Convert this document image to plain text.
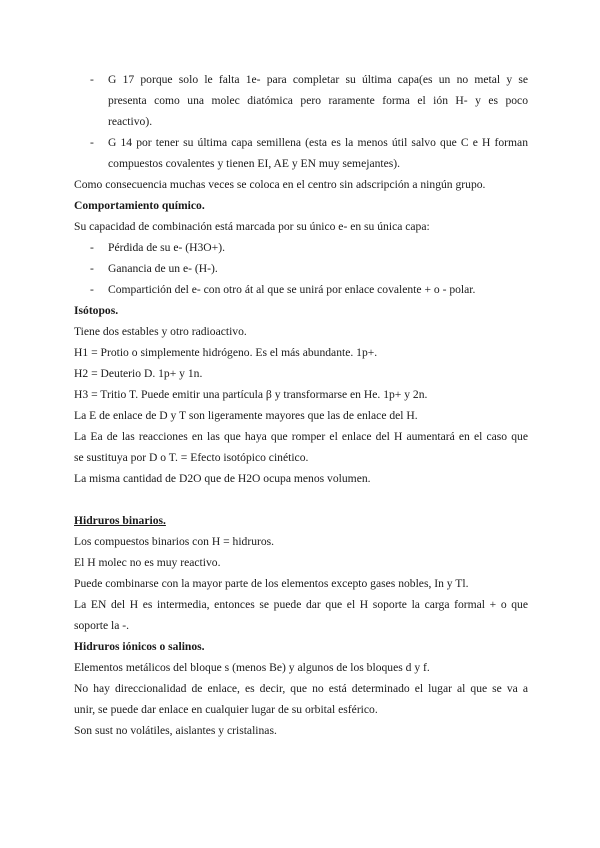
- G 17 porque solo le falta 1e- para completar su última capa(es un no metal y se
presenta como una molec diatómica pero raramente forma el ión H- y es poco
reactivo).
- G 14 por tener su última capa semillena (esta es la menos útil salvo que C e H forman
compuestos covalentes y tienen EI, AE y EN muy semejantes).
Como consecuencia muchas veces se coloca en el centro sin adscripción a ningún grupo.
Comportamiento químico.
Su capacidad de combinación está marcada por su único e- en su única capa:
- Pérdida de su e- (H3O+).
- Ganancia de un e- (H-).
- Compartición del e- con otro át al que se unirá por enlace covalente + o - polar.
Isótopos.
Tiene dos estables y otro radioactivo.
H1 = Protio o simplemente hidrógeno. Es el más abundante. 1p+.
H2 = Deuterio D. 1p+ y 1n.
H3 = Tritio T. Puede emitir una partícula β y transformarse en He. 1p+ y 2n.
La E de enlace de D y T son ligeramente mayores que las de enlace del H.
La Ea de las reacciones en las que haya que romper el enlace del H aumentará en el caso que
se sustituya por D o T. = Efecto isotópico cinético.
La misma cantidad de D2O que de H2O ocupa menos volumen.
Hidruros binarios.
Los compuestos binarios con H = hidruros.
El H molec no es muy reactivo.
Puede combinarse con la mayor parte de los elementos excepto gases nobles, In y Tl.
La EN del H es intermedia, entonces se puede dar que el H soporte la carga formal + o que
soporte la -.
Hidruros iónicos o salinos.
Elementos metálicos del bloque s (menos Be) y algunos de los bloques d y f.
No hay direccionalidad de enlace, es decir, que no está determinado el lugar al que se va a
unir, se puede dar enlace en cualquier lugar de su orbital esférico.
Son sust no volátiles, aislantes y cristalinas.
